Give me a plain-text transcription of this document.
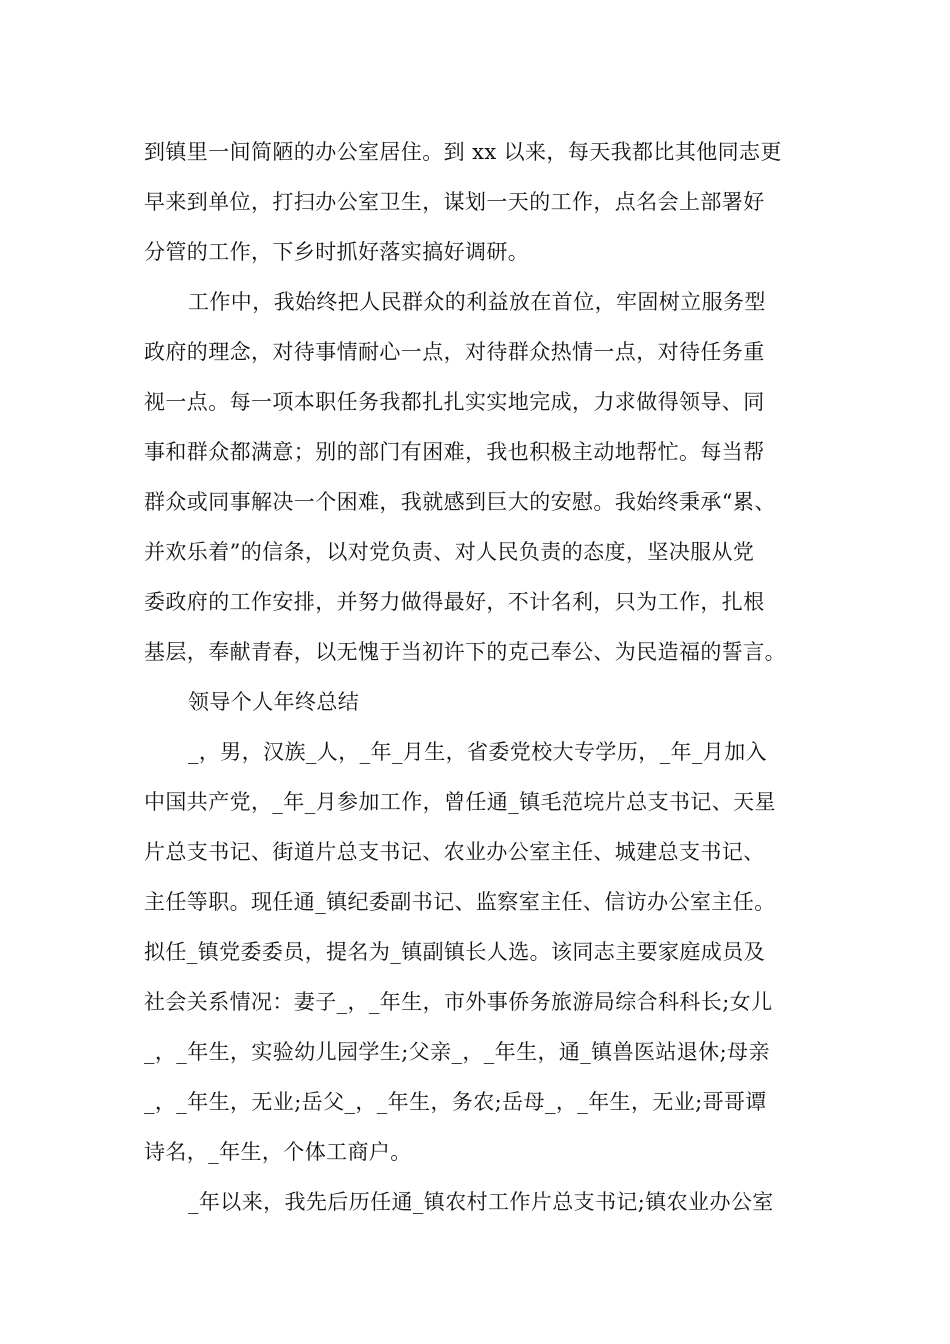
到镇里一间简陋的办公室居住。到 xx 以来，每天我都比其他同志更
早来到单位，打扫办公室卫生，谋划一天的工作，点名会上部署好
分管的工作，下乡时抓好落实搞好调研。
工作中，我始终把人民群众的利益放在首位，牢固树立服务型
政府的理念，对待事情耐心一点，对待群众热情一点，对待任务重
视一点。每一项本职任务我都扎扎实实地完成，力求做得领导、同
事和群众都满意；别的部门有困难，我也积极主动地帮忙。每当帮
群众或同事解决一个困难，我就感到巨大的安慰。我始终秉承“累、
并欢乐着”的信条，以对党负责、对人民负责的态度，坚决服从党
委政府的工作安排，并努力做得最好，不计名利，只为工作，扎根
基层，奉献青春，以无愧于当初许下的克己奉公、为民造福的誓言。
领导个人年终总结
_，男，汉族_人，_年_月生，省委党校大专学历，_年_月加入
中国共产党，_年_月参加工作，曾任通_镇毛范垸片总支书记、天星
片总支书记、街道片总支书记、农业办公室主任、城建总支书记、
主任等职。现任通_镇纪委副书记、监察室主任、信访办公室主任。
拟任_镇党委委员，提名为_镇副镇长人选。该同志主要家庭成员及
社会关系情况：妻子_，_年生，市外事侨务旅游局综合科科长;女儿
_，_年生，实验幼儿园学生;父亲_，_年生，通_镇兽医站退休;母亲
_，_年生，无业;岳父_，_年生，务农;岳母_，_年生，无业;哥哥谭
诗名，_年生，个体工商户。
_年以来，我先后历任通_镇农村工作片总支书记;镇农业办公室
